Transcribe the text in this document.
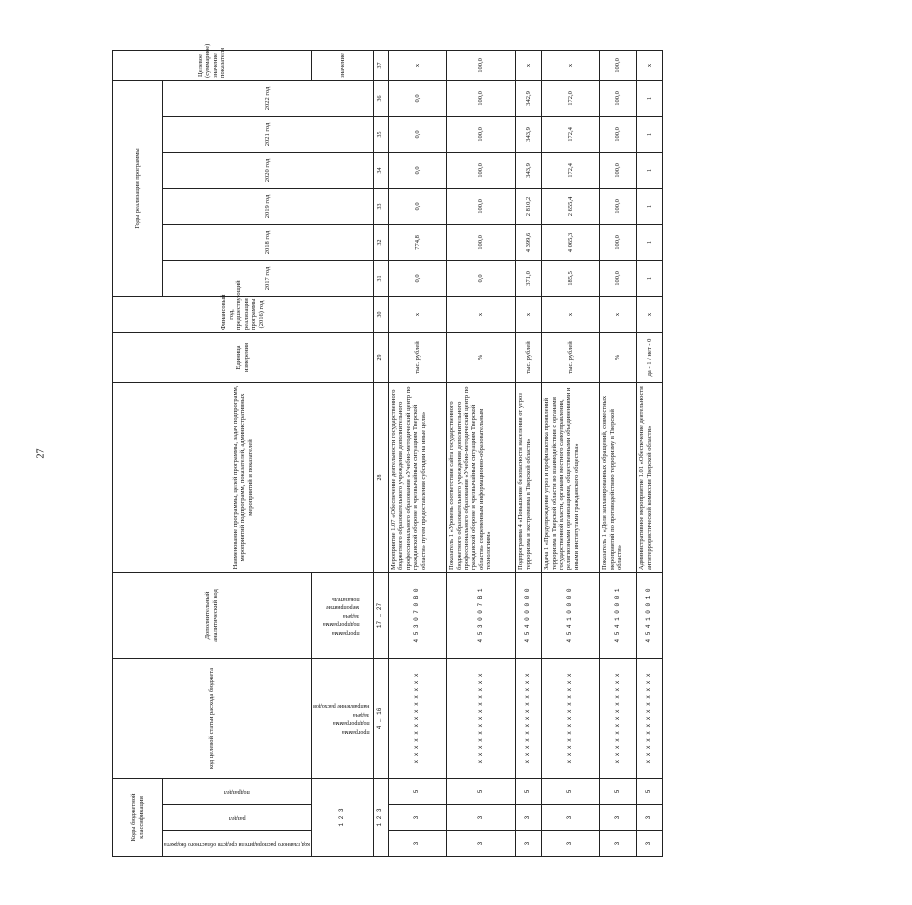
27
Коды бюджетной классификации			код целевой статьи расхода бюджета	Дополнительный аналитический код	Наименование программы, целей программы, задач подпрограмм, мероприятий подпрограмм, показателей, административных мероприятий и показателей	Единица измерения	Финансовый год, предшествующий реализации программы (2016) год	Годы реализации программы						Целевое (суммарное) значение показателя

код главного распорядителя средств областного бюджета	раздел	подраздел						2017 год	2018 год	2019 год	2020 год	2021 год	2022 год	
1 2 3			программа подпрограмма задача направление расходов	программа подпрограмма задача мероприятие показатель										значение
1 2 3			4 … 16	17 … 27	28	29	30	31	32	33	34	35	36	37
3	3	5	х х х х х х х х х х х х х	4 5 3 0 7 0 В 0	Мероприятие 1.07 «Обеспечение деятельности государственного бюджетного образовательного учреждения дополнительного профессионального образования «Учебно-методический центр по гражданской обороне и чрезвычайным ситуациям Тверской области» путем предоставления субсидии на иные цели»	тыс. рублей	х	0,0	774,8	0,0	0,0	0,0	0,0	х
3	3	5	х х х х х х х х х х х х х	4 5 3 0 0 7 В 1	Показатель 1 «Уровень соответствия сайта государственного бюджетного образовательного учреждения дополнительного профессионального образования «Учебно-методический центр по гражданской обороне и чрезвычайным ситуациям Тверской области» современным информационно-образовательным технологиям»	%	х	0,0	100,0	100,0	100,0	100,0	100,0	100,0
3	3	5	х х х х х х х х х х х х х	4 5 4 0 0 0 0 0	Подпрограмма 4 «Повышение безопасности населения от угроз терроризма и экстремизма в Тверской области»	тыс. рублей	х	371,0	4 399,6	2 810,2	343,9	343,9	342,9	х
3	3	5	х х х х х х х х х х х х х	4 5 4 1 0 0 0 0	Задача 1 «Предупреждение угроз и профилактика проявлений терроризма в Тверской области во взаимодействии с органами государственной власти, органами местного самоуправления, религиозными организациями, общественными объединениями и иными институтами гражданского общества»	тыс. рублей	х	185,5	4 065,3	2 655,4	172,4	172,4	172,0	х
3	3	5	х х х х х х х х х х х х х	4 5 4 1 0 0 0 1	Показатель 1 «Доля запланированных обращений, совместных мероприятий по противодействию терроризму в Тверской области»	%	х	100,0	100,0	100,0	100,0	100,0	100,0	100,0
3	3	5	х х х х х х х х х х х х х	4 5 4 1 0 0 1 0	Административное мероприятие 1.01 «Обеспечение деятельности антитеррористической комиссии Тверской области»	да - 1 / нет - 0	х	1	1	1	1	1	1	х
